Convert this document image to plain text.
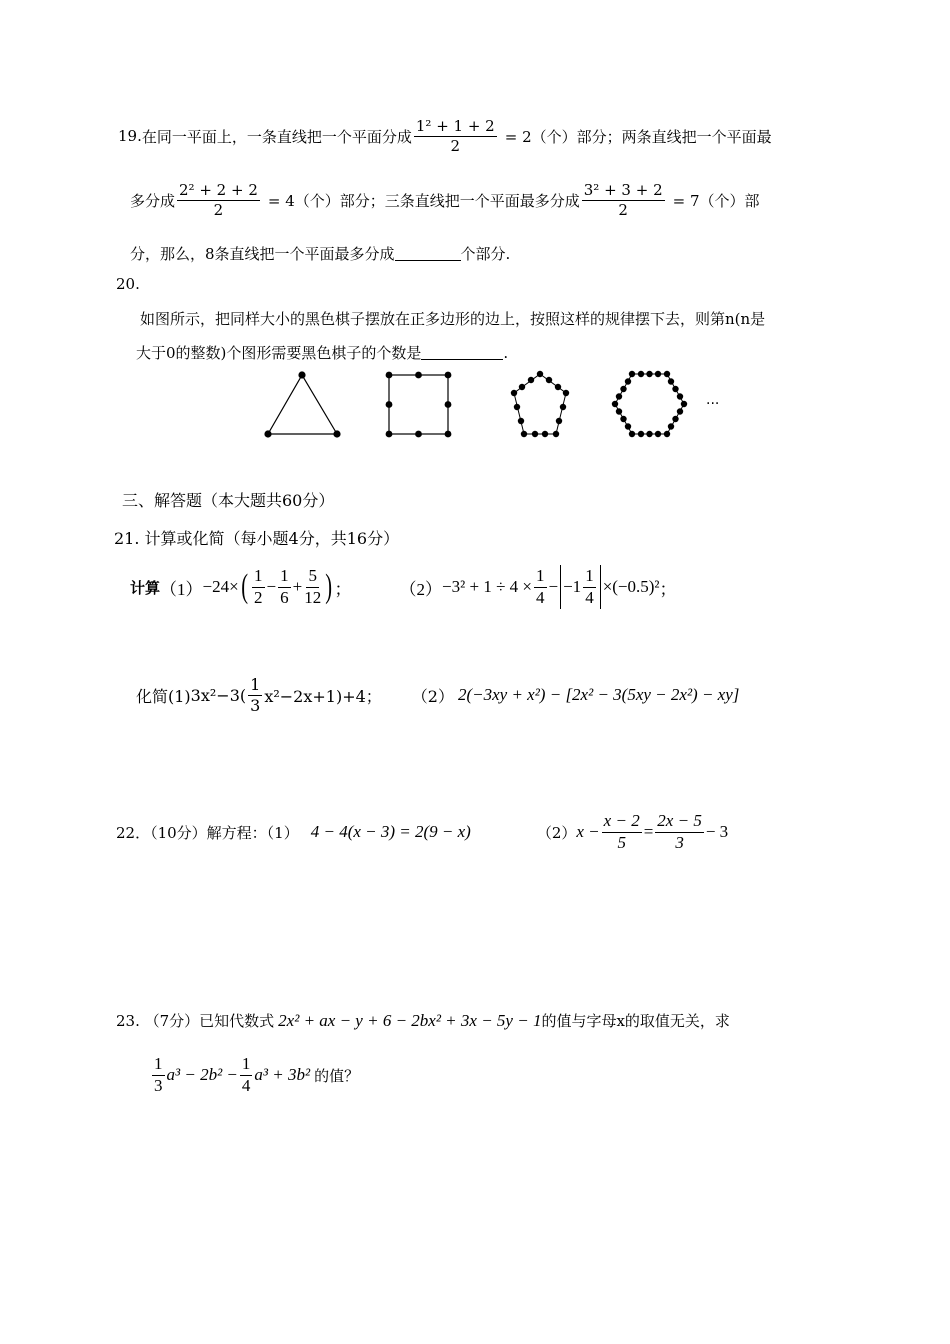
19. 在同一平面上，一条直线把一个平面分成 $\frac{\text{1² + 1 + 2}}{2} = 2$（个）部分；两条直线把一个平面最
多分成 $\frac{\text{2² + 2 + 2}}{2} = 4$（个）部分；三条直线把一个平面最多分成 $\frac{\text{3² + 3 + 2}}{2} = 7$（个）部
分，那么，8条直线把一个平面最多分成	个部分.
20.
如图所示，把同样大小的黑色棋子摆放在正多边形的边上，按照这样的规律摆下去，则第n(n是
大于0的整数)个图形需要黑色棋子的个数是	.
···
三、解答题（本大题共60分）
21. 计算或化简（每小题4分，共16分）
计算 （1） −24× ( $\frac{1}{2} - \frac{1}{6} + \frac{5}{12}$ ) ；	$(2) -3^2 + 1 \div 4 \times \frac{1}{4} - -1 \frac{1}{4} \times(-0.5)^2$ ；
化简(1) $3x^2-3( \frac{1}{3} x^2-2x+1)+4$； （2） 2(−3xy + x²) − [2x² − 3(5xy − 2x²) − xy]
22．（10分）解方程：（1） 4 − 4(x − 3) = 2(9 − x)	（2） $x - \frac{x - 2}{5} = \frac{2x - 5}{3} - 3$
23. （7分）已知代数式 2x² + ax − y + 6 − 2bx² + 3x − 5y − 1 的值与字母x的取值无关，求
$\frac{1}{3} a^3 - 2b^2 - \frac{1}{4} a^3 + 3b^2$ 的值？
